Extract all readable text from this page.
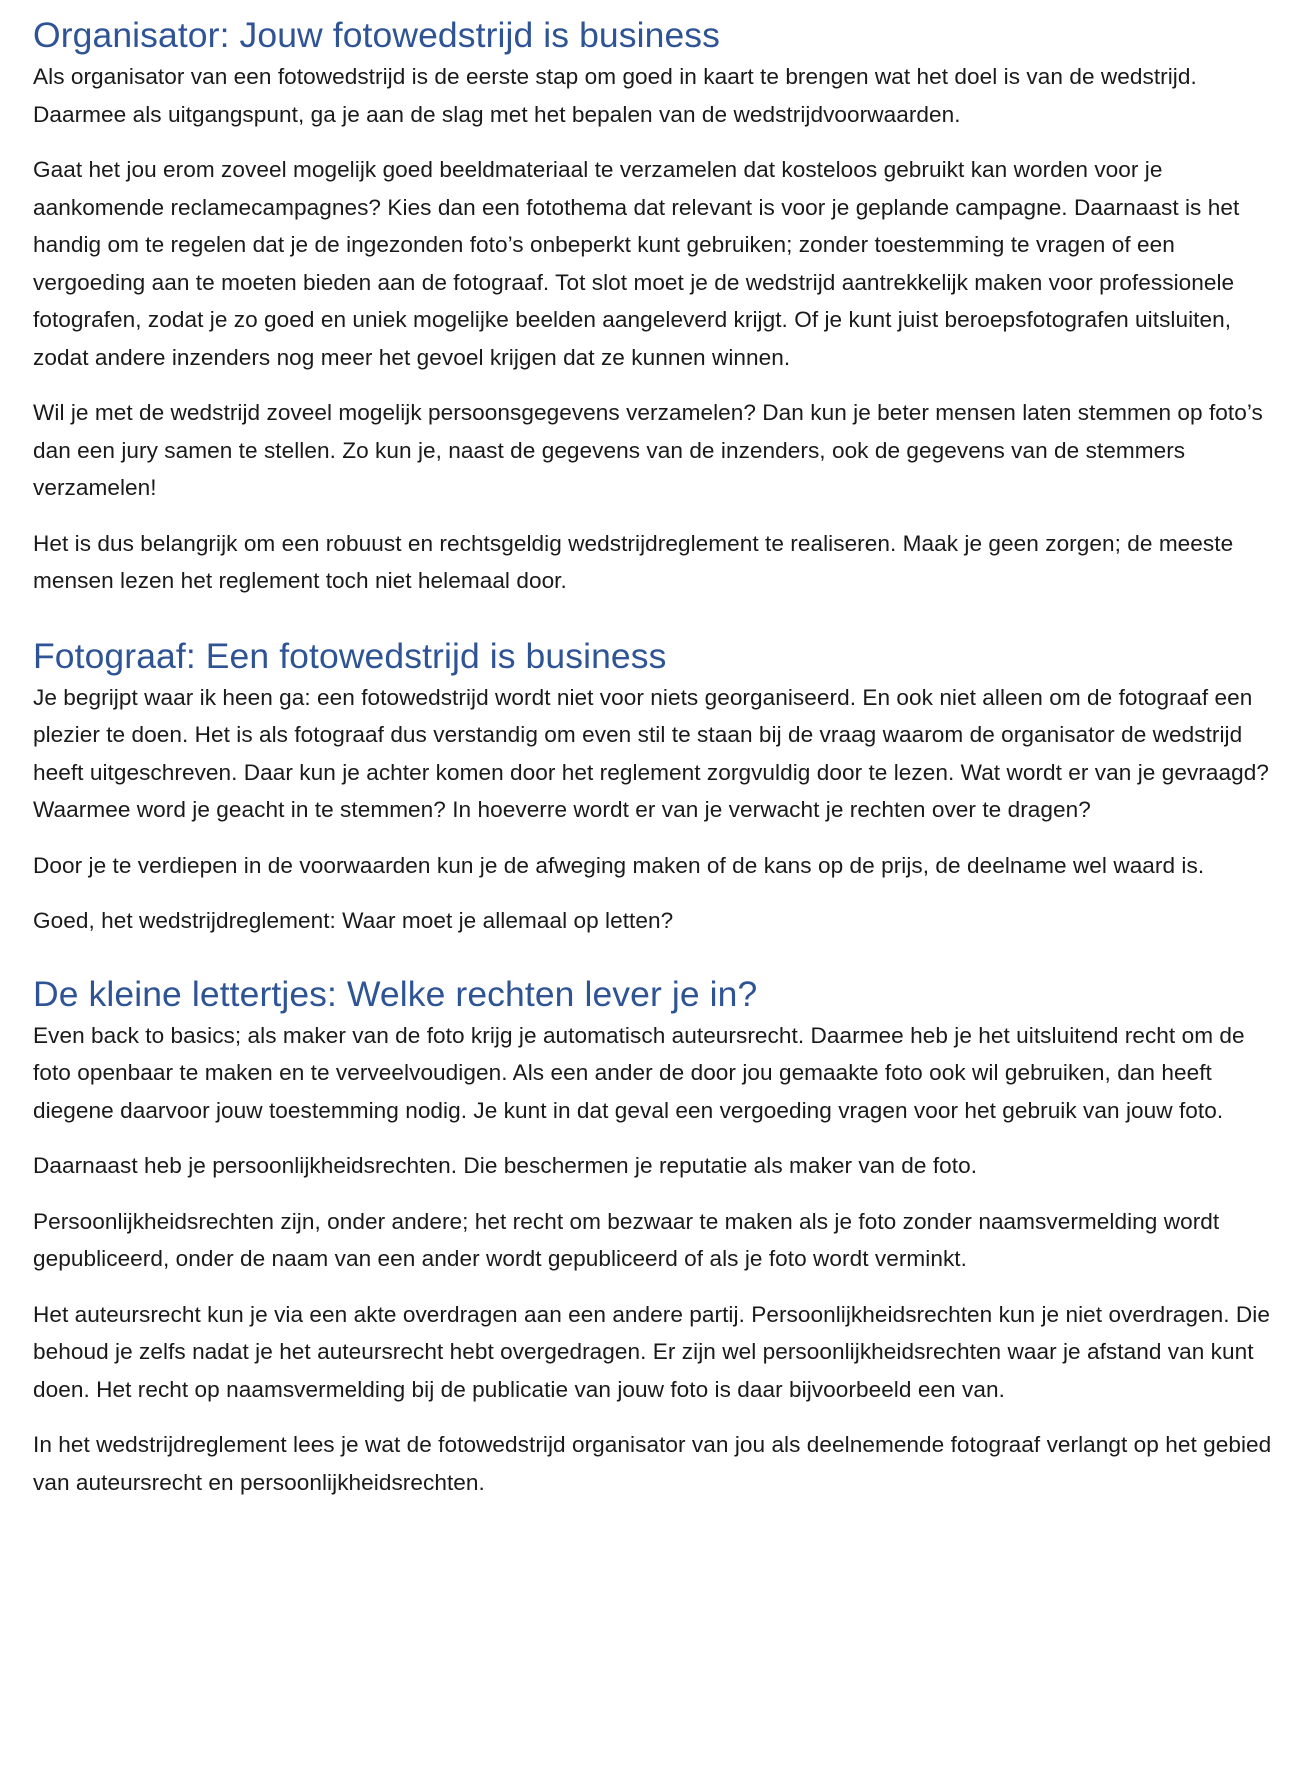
Organisator: Jouw fotowedstrijd is business

Als organisator van een fotowedstrijd is de eerste stap om goed in kaart te brengen wat het doel is van de wedstrijd. Daarmee als uitgangspunt, ga je aan de slag met het bepalen van de wedstrijdvoorwaarden.

Gaat het jou erom zoveel mogelijk goed beeldmateriaal te verzamelen dat kosteloos gebruikt kan worden voor je aankomende reclamecampagnes? Kies dan een fotothema dat relevant is voor je geplande campagne. Daarnaast is het handig om te regelen dat je de ingezonden foto’s onbeperkt kunt gebruiken; zonder toestemming te vragen of een vergoeding aan te moeten bieden aan de fotograaf. Tot slot moet je de wedstrijd aantrekkelijk maken voor professionele fotografen, zodat je zo goed en uniek mogelijke beelden aangeleverd krijgt. Of je kunt juist beroepsfotografen uitsluiten, zodat andere inzenders nog meer het gevoel krijgen dat ze kunnen winnen.

Wil je met de wedstrijd zoveel mogelijk persoonsgegevens verzamelen? Dan kun je beter mensen laten stemmen op foto’s dan een jury samen te stellen. Zo kun je, naast de gegevens van de inzenders, ook de gegevens van de stemmers verzamelen!

Het is dus belangrijk om een robuust en rechtsgeldig wedstrijdreglement te realiseren. Maak je geen zorgen; de meeste mensen lezen het reglement toch niet helemaal door.

Fotograaf: Een fotowedstrijd is business

Je begrijpt waar ik heen ga: een fotowedstrijd wordt niet voor niets georganiseerd. En ook niet alleen om de fotograaf een plezier te doen. Het is als fotograaf dus verstandig om even stil te staan bij de vraag waarom de organisator de wedstrijd heeft uitgeschreven. Daar kun je achter komen door het reglement zorgvuldig door te lezen. Wat wordt er van je gevraagd? Waarmee word je geacht in te stemmen? In hoeverre wordt er van je verwacht je rechten over te dragen?

Door je te verdiepen in de voorwaarden kun je de afweging maken of de kans op de prijs, de deelname wel waard is.

Goed, het wedstrijdreglement: Waar moet je allemaal op letten?

De kleine lettertjes: Welke rechten lever je in?

Even back to basics; als maker van de foto krijg je automatisch auteursrecht. Daarmee heb je het uitsluitend recht om de foto openbaar te maken en te verveelvoudigen. Als een ander de door jou gemaakte foto ook wil gebruiken, dan heeft diegene daarvoor jouw toestemming nodig. Je kunt in dat geval een vergoeding vragen voor het gebruik van jouw foto.

Daarnaast heb je persoonlijkheidsrechten. Die beschermen je reputatie als maker van de foto.

Persoonlijkheidsrechten zijn, onder andere; het recht om bezwaar te maken als je foto zonder naamsvermelding wordt gepubliceerd, onder de naam van een ander wordt gepubliceerd of als je foto wordt verminkt.

Het auteursrecht kun je via een akte overdragen aan een andere partij. Persoonlijkheidsrechten kun je niet overdragen. Die behoud je zelfs nadat je het auteursrecht hebt overgedragen. Er zijn wel persoonlijkheidsrechten waar je afstand van kunt doen. Het recht op naamsvermelding bij de publicatie van jouw foto is daar bijvoorbeeld een van.

In het wedstrijdreglement lees je wat de fotowedstrijd organisator van jou als deelnemende fotograaf verlangt op het gebied van auteursrecht en persoonlijkheidsrechten.
